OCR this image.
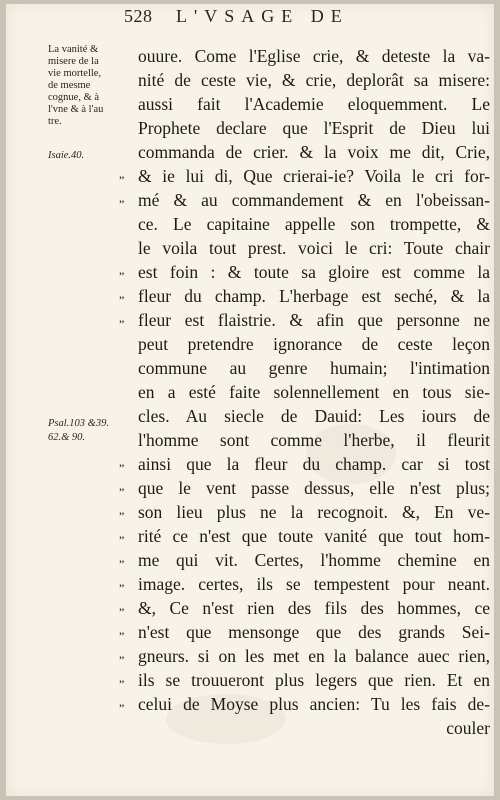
528 L'VSAGE DE
La vanité &
misere de la
vie mortelle,
de mesme
cognue, & à
l'vne & à l'au
tre.
Isaie.40.
Psal.103 &39.
62.& 90.
”
”
”
”
”
”
”
”
”
”
”
”
”
”
”
”
ouure. Come l'Eglise crie, & deteste la va-
nité de ceste vie, & crie, deplorât sa misere:
aussi fait l'Academie eloquemment. Le
Prophete declare que l'Esprit de Dieu lui
commanda de crier. & la voix me dit, Crie,
& ie lui di, Que crierai-ie? Voila le cri for-
mé & au commandement & en l'obeissan-
ce. Le capitaine appelle son trompette, &
le voila tout prest. voici le cri: Toute chair
est foin : & toute sa gloire est comme la
fleur du champ. L'herbage est seché, & la
fleur est flaistrie. & afin que personne ne
peut pretendre ignorance de ceste leçon
commune au genre humain; l'intimation
en a esté faite solennellement en tous sie-
cles. Au siecle de Dauid: Les iours de
l'homme sont comme l'herbe, il fleurit
ainsi que la fleur du champ. car si tost
que le vent passe dessus, elle n'est plus;
son lieu plus ne la recognoit. &, En ve-
rité ce n'est que toute vanité que tout hom-
me qui vit. Certes, l'homme chemine en
image. certes, ils se tempestent pour neant.
&, Ce n'est rien des fils des hommes, ce
n'est que mensonge que des grands Sei-
gneurs. si on les met en la balance auec rien,
ils se trouueront plus legers que rien. Et en
celui de Moyse plus ancien: Tu les fais de-
couler
